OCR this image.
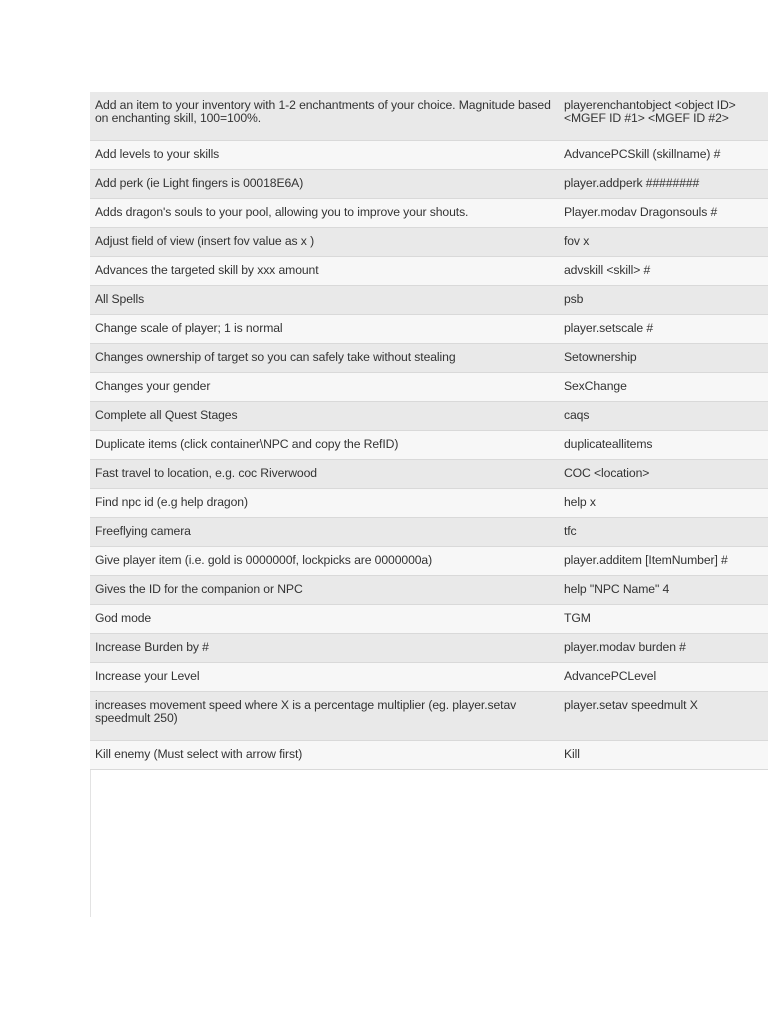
Add an item to your inventory with 1-2 enchantments of your choice. Magnitude based on enchanting skill, 100=100%.	playerenchantobject <object ID> <MGEF ID #1> <MGEF ID #2>
Add levels to your skills	AdvancePCSkill (skillname) #
Add perk (ie Light fingers is 00018E6A)	player.addperk ########
Adds dragon's souls to your pool, allowing you to improve your shouts.	Player.modav Dragonsouls #
Adjust field of view (insert fov value as x )	fov x
Advances the targeted skill by xxx amount	advskill <skill> #
All Spells	psb
Change scale of player; 1 is normal	player.setscale #
Changes ownership of target so you can safely take without stealing	Setownership
Changes your gender	SexChange
Complete all Quest Stages	caqs
Duplicate items (click container\NPC and copy the RefID)	duplicateallitems
Fast travel to location, e.g. coc Riverwood	COC <location>
Find npc id (e.g help dragon)	help x
Freeflying camera	tfc
Give player item (i.e. gold is 0000000f, lockpicks are 0000000a)	player.additem [ItemNumber] #
Gives the ID for the companion or NPC	help "NPC Name" 4
God mode	TGM
Increase Burden by #	player.modav burden #
Increase your Level	AdvancePCLevel
increases movement speed where X is a percentage multiplier (eg. player.setav speedmult 250)	player.setav speedmult X
Kill enemy (Must select with arrow first)	Kill
